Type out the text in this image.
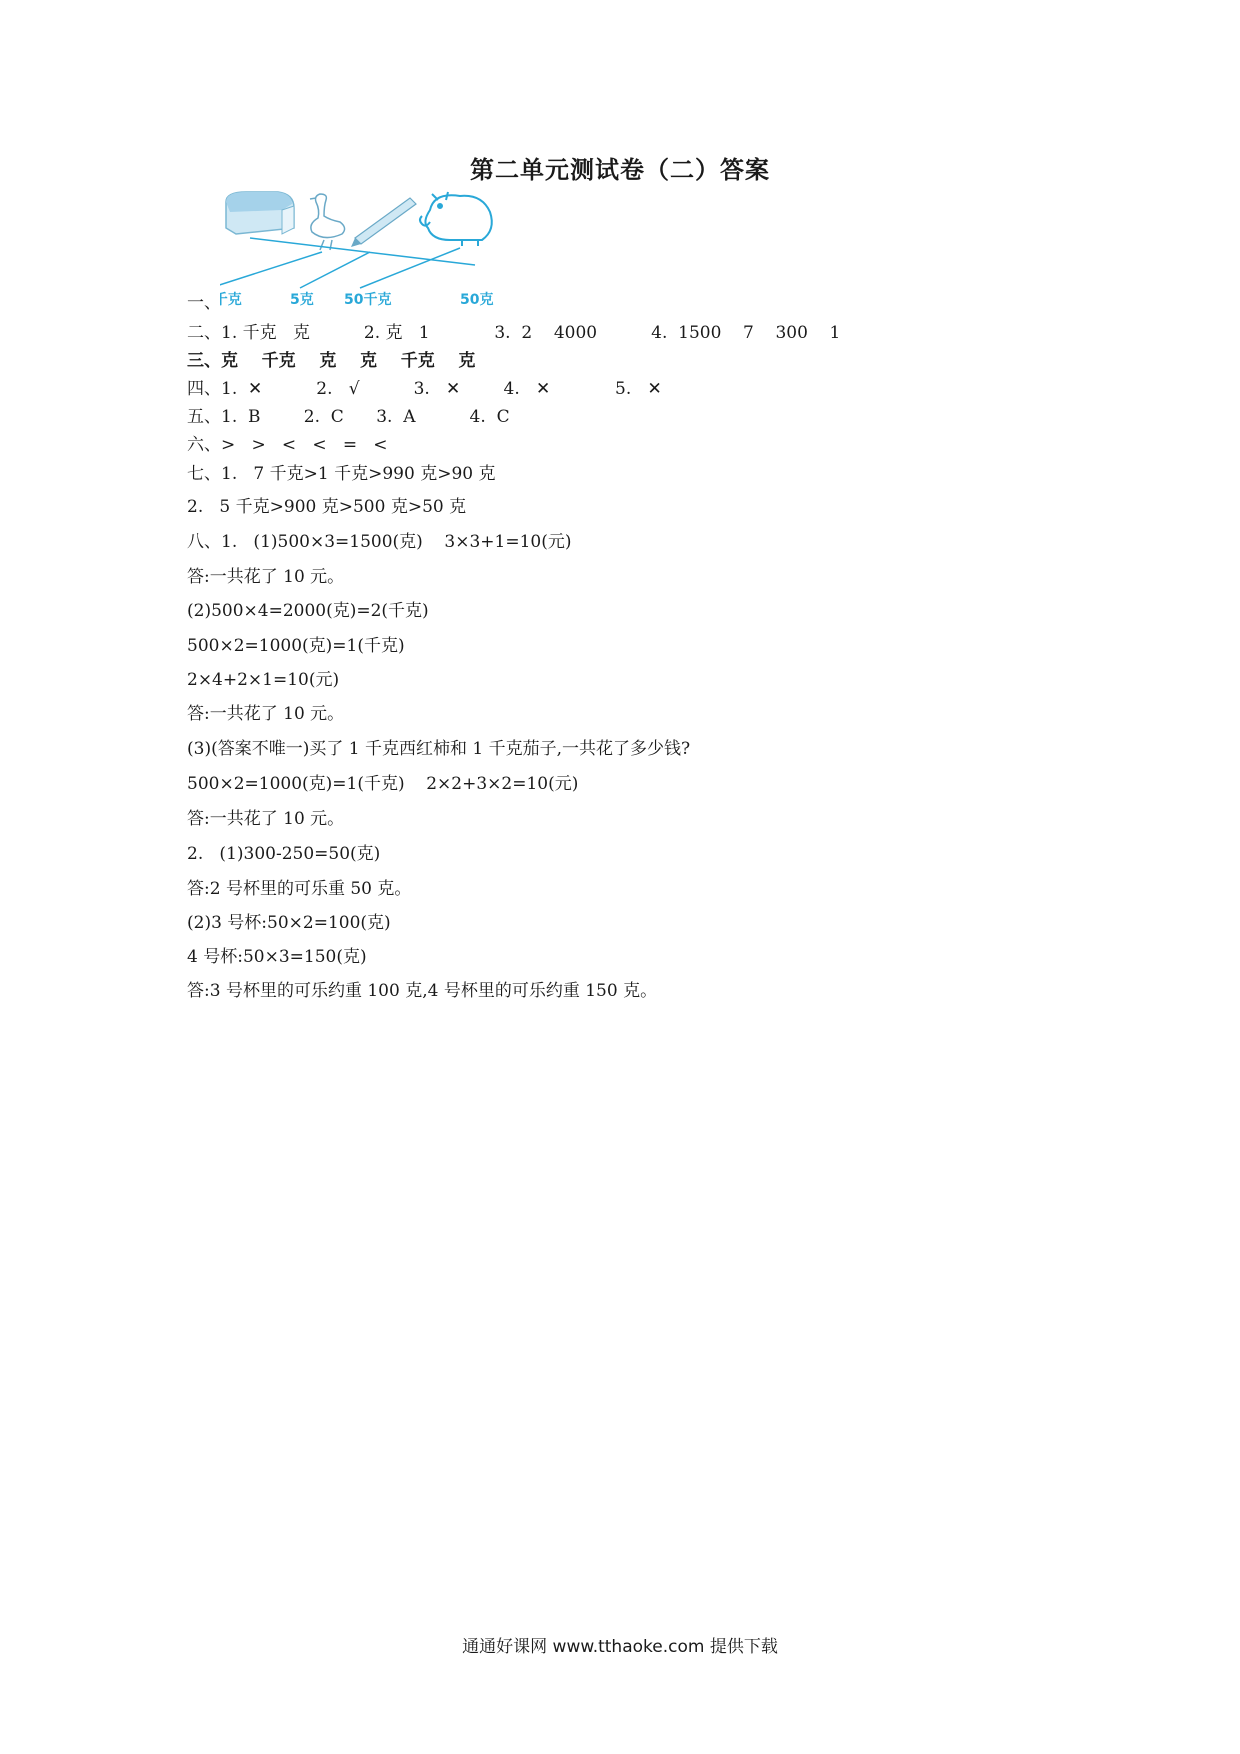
第二单元测试卷（二）答案
千克	5克 50千克	50克
一、
二、1. 千克   克          2. 克   1            3.  2    4000          4.  1500    7    300    1
三、克    千克    克    克    千克    克
四、1.  ✕          2.   √          3.   ✕        4.   ✕            5.   ✕
五、1.  B        2.  C      3.  A          4.  C
六、>   >   <   <   =   <
七、1.   7 千克>1 千克>990 克>90 克
2.   5 千克>900 克>500 克>50 克
八、1.   (1)500×3=1500(克)    3×3+1=10(元)
答:一共花了 10 元。
(2)500×4=2000(克)=2(千克)
500×2=1000(克)=1(千克)
2×4+2×1=10(元)
答:一共花了 10 元。
(3)(答案不唯一)买了 1 千克西红柿和 1 千克茄子,一共花了多少钱?
500×2=1000(克)=1(千克)    2×2+3×2=10(元)
答:一共花了 10 元。
2.   (1)300-250=50(克)
答:2 号杯里的可乐重 50 克。
(2)3 号杯:50×2=100(克)
4 号杯:50×3=150(克)
答:3 号杯里的可乐约重 100 克,4 号杯里的可乐约重 150 克。
通通好课网 www.tthaoke.com 提供下载
